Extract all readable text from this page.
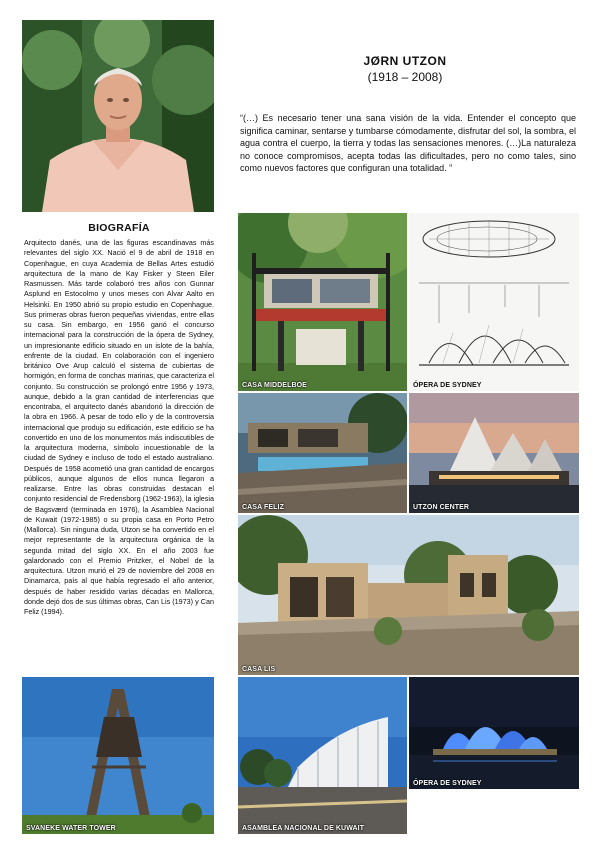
JØRN UTZON
(1918 – 2008)

“(…) Es necesario tener una sana visión de la vida. Entender el concepto que significa caminar, sentarse y tumbarse cómodamente, disfrutar del sol, la sombra, el agua contra el cuerpo, la tierra y todas las sensaciones menores. (…)La naturaleza no conoce compromisos, acepta todas las dificultades, pero no como tales, sino como nuevos factores que configuran una totalidad. ”

BIOGRAFÍA

Arquitecto danés, una de las figuras escandinavas más relevantes del siglo XX. Nació el 9 de abril de 1918 en Copenhague, en cuya Academia de Bellas Artes estudió arquitectura de la mano de Kay Fisker y Steen Eiler Rasmussen. Más tarde colaboró tres años con Gunnar Asplund en Estocolmo y unos meses con Alvar Aalto en Helsinki. En 1950 abrió su propio estudio en Copenhague. Sus primeras obras fueron pequeñas viviendas, entre ellas su casa. Sin embargo, en 1956 ganó el concurso internacional para la construcción de la ópera de Sydney, un impresionante edificio situado en un islote de la bahía, enfrente de la ciudad. En colaboración con el ingeniero británico Ove Arup calculó el sistema de cubiertas de hormigón, en forma de conchas marinas, que caracteriza el conjunto. Su construcción se prolongó entre 1956 y 1973, aunque, debido a la gran cantidad de interferencias que encontraba, el arquitecto danés abandonó la dirección de la obra en 1966. A pesar de todo ello y de la controversia internacional que produjo su edificación, este edificio se ha convertido en uno de los monumentos más indiscutibles de la arquitectura moderna, símbolo incuestionable de la ciudad de Sydney e incluso de todo el estado australiano. Después de 1958 acometió una gran cantidad de encargos públicos, aunque algunos de ellos nunca llegaron a realizarse. Entre las obras construidas destacan el conjunto residencial de Fredensborg (1962-1963), la iglesia de Bagsværd (terminada en 1976), la Asamblea Nacional de Kuwait (1972-1985) o su propia casa en Porto Petro (Mallorca). Sin ninguna duda, Utzon se ha convertido en el mejor representante de la arquitectura orgánica de la segunda mitad del siglo XX. En el año 2003 fue galardonado con el Premio Pritzker, el Nobel de la arquitectura. Utzon murió el 29 de noviembre del 2008 en Dinamarca, país al que había regresado el año anterior, después de haber residido varias décadas en Mallorca, donde dejó dos de sus últimas obras, Can Lis (1973) y Can Feliz (1994).

CASA MIDDELBOE	ÓPERA DE SYDNEY
CASA FELIZ	UTZON CENTER
CASA LIS
SVANEKE WATER TOWER	ASAMBLEA NACIONAL DE KUWAIT
ÓPERA DE SYDNEY
